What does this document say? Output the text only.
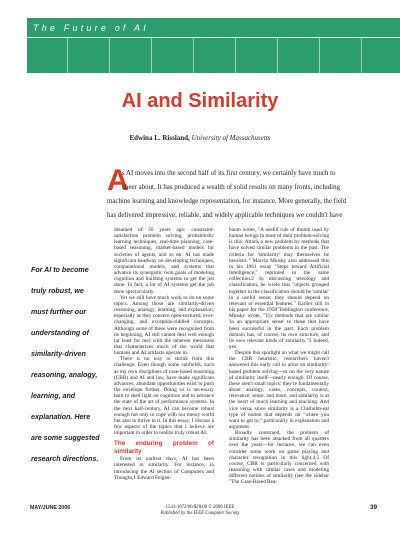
The Future of AI
AI and Similarity
Edwina L. Rissland, University of Massachusetts
A
s AI moves into the second half of its first century, we certainly have much to
cheer about. It has produced a wealth of solid results on many fronts, including
machine learning and knowledge representation, for instance. More generally, the field
has delivered impressive, reliable, and widely applicable techniques we couldn't have
For AI to become
truly robust, we
must further our
understanding of
similarity-driven
reasoning, analogy,
learning, and
explanation. Here
are some suggested
research directions.

dreamed of 50 years ago: constraint-satisfaction problem solving, probabilistic learning techniques, real-time planning, case-based reasoning, market-based models for societies of agents, and so on. AI has made significant headway on developing techniques, computational models, and systems that advance its synergistic twin goals of modeling cognition and building systems to get the job done. In fact, a lot of AI systems get the job done spectacularly.

Yet we still have much work to do on some topics. Among those are similarity-driven reasoning, analogy, learning, and explanation, especially as they concern open-textured, ever-changing, and exception-riddled concepts. Although some of these were recognized from its beginning, AI still cannot deal well enough (at least for me) with the inherent messiness that characterizes much of the world that humans and AI artifacts operate in.

There is no way to shrink from this challenge. Even though some subfields, such as my own disciplines of case-based reasoning (CBR) and AI and law, have made significant advances, abundant opportunities exist to push the envelope further. Doing so is necessary both to shed light on cognition and to advance the state of the art of performance systems. In the next half-century, AI can become robust enough not only to cope with our messy world but also to thrive in it. In this essay, I discuss a few aspects of the topics that I believe are important in order to realize truly robust AI.

The enduring problem of similarity

From its earliest days, AI has been interested in similarity. For instance, in introducing the AI section of Computers and Thought,1 Edward Feigen-

baum wrote, "A useful rule of thumb used by human beings in most of their problem-solving is this: Attack a new problem by methods that have solved similar problems in the past. The criteria for 'similarity' may themselves be heuristic." Marvin Minsky also addressed this in his 1961 essay "Steps toward Artificial Intelligence," reprinted in the same collection.2 In discussing teleology and classification, he wrote that "objects grouped together in the classification should be 'similar' in a useful sense; they should depend on relevant or essential features." Earlier still in his paper for the 1958 Teddington conference, Minsky wrote, "Try methods that are similar 'in an appropriate sense' to those that have been successful in the past. Each problem domain has, of course, its own structure, and its own relevant kinds of similarity."3 Indeed, yes.

Despite this spotlight on what we might call the CBR heuristic, researchers haven't answered this early call to arms on similarity-based problem solving—or on the very nature of similarity itself—nearly enough. Of course, these aren't small topics: they're fundamentally about analogy, cases, concepts, context, relevance, sense, and more, and similarity is at the heart of much learning and teaching. And vice versa, since similarity is a Chisholm-eat type of notion that depends on "where you want to get to," particularly in explanation and argument.

Broadly construed, the problem of similarity has been attacked from all quarters over the years—for instance, we can even consider some work on game playing and character recognition in this light.4,5 Of course, CBR is particularly concerned with reasoning with similar cases and modeling different notions of similarity (see the sidebar "The Case-Based Rea-

MAY/JUNE 2006	1541-1672/06/$20.00 © 2006 IEEE
Published by the IEEE Computer Society
39
